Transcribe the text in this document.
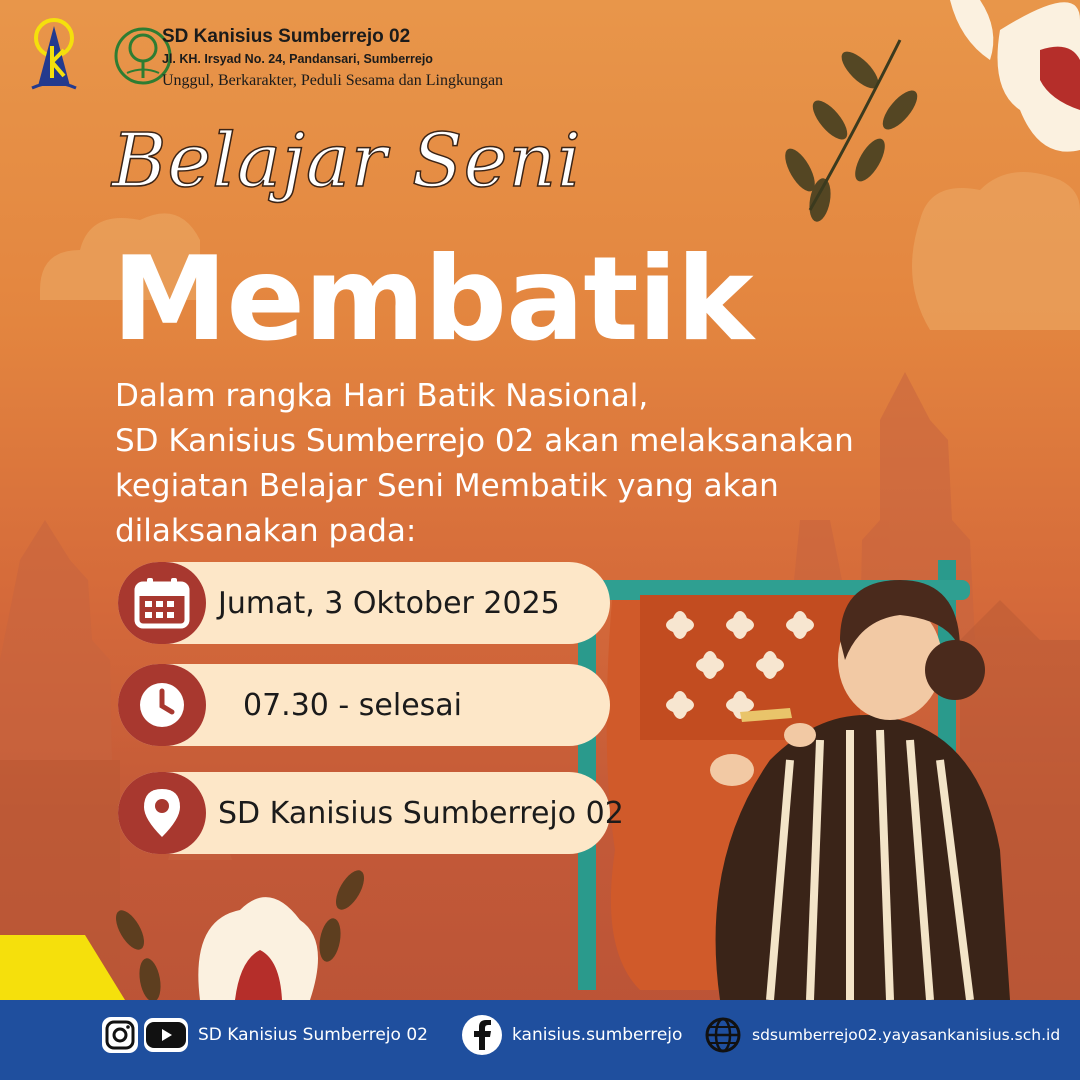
SD Kanisius Sumberrejo 02
Jl. KH. Irsyad No. 24, Pandansari, Sumberrejo
Unggul, Berkarakter, Peduli Sesama dan Lingkungan
Belajar Seni
Membatik
Dalam rangka Hari Batik Nasional,
SD Kanisius Sumberrejo 02 akan melaksanakan
kegiatan Belajar Seni Membatik yang akan
dilaksanakan pada:
Jumat, 3 Oktober 2025
07.30 - selesai
SD Kanisius Sumberrejo 02
SD Kanisius Sumberrejo 02	kanisius.sumberrejo	sdsumberrejo02.yayasankanisius.sch.id
